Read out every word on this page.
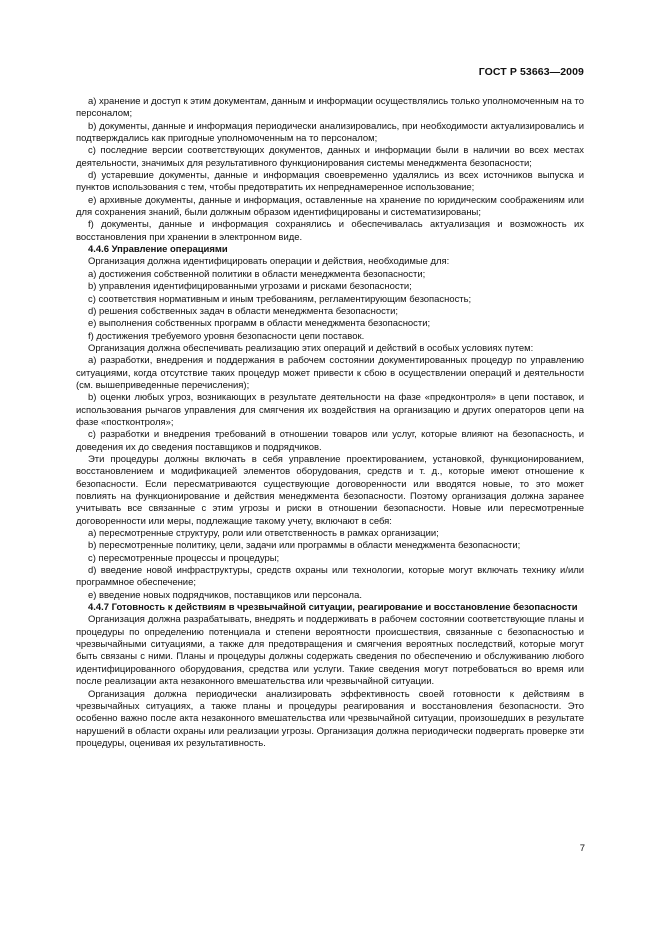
ГОСТ Р 53663—2009

а) хранение и доступ к этим документам, данным и информации осуществлялись только уполномоченным на то персоналом;

b) документы, данные и информация периодически анализировались, при необходимости актуализировались и подтверждались как пригодные уполномоченным на то персоналом;

с) последние версии соответствующих документов, данных и информации были в наличии во всех местах деятельности, значимых для результативного функционирования системы менеджмента безопасности;

d) устаревшие документы, данные и информация своевременно удалялись из всех источников выпуска и пунктов использования с тем, чтобы предотвратить их непреднамеренное использование;

е) архивные документы, данные и информация, оставленные на хранение по юридическим соображениям или для сохранения знаний, были должным образом идентифицированы и систематизированы;

f) документы, данные и информация сохранялись и обеспечивалась актуализация и возможность их восстановления при хранении в электронном виде.

4.4.6 Управление операциями

Организация должна идентифицировать операции и действия, необходимые для:

а) достижения собственной политики в области менеджмента безопасности;

b) управления идентифицированными угрозами и рисками безопасности;

с) соответствия нормативным и иным требованиям, регламентирующим безопасность;

d) решения собственных задач в области менеджмента безопасности;

е) выполнения собственных программ в области менеджмента безопасности;

f) достижения требуемого уровня безопасности цепи поставок.

Организация должна обеспечивать реализацию этих операций и действий в особых условиях путем:

а) разработки, внедрения и поддержания в рабочем состоянии документированных процедур по управлению ситуациями, когда отсутствие таких процедур может привести к сбою в осуществлении операций и деятельности (см. вышеприведенные перечисления);

b) оценки любых угроз, возникающих в результате деятельности на фазе «предконтроля» в цепи поставок, и использования рычагов управления для смягчения их воздействия на организацию и других операторов цепи на фазе «постконтроля»;

с) разработки и внедрения требований в отношении товаров или услуг, которые влияют на безопасность, и доведения их до сведения поставщиков и подрядчиков.

Эти процедуры должны включать в себя управление проектированием, установкой, функционированием, восстановлением и модификацией элементов оборудования, средств и т. д., которые имеют отношение к безопасности. Если пересматриваются существующие договоренности или вводятся новые, то это может повлиять на функционирование и действия менеджмента безопасности. Поэтому организация должна заранее учитывать все связанные с этим угрозы и риски в отношении безопасности. Новые или пересмотренные договоренности или меры, подлежащие такому учету, включают в себя:

а) пересмотренные структуру, роли или ответственность в рамках организации;

b) пересмотренные политику, цели, задачи или программы в области менеджмента безопасности;

с) пересмотренные процессы и процедуры;

d) введение новой инфраструктуры, средств охраны или технологии, которые могут включать технику и/или программное обеспечение;

е) введение новых подрядчиков, поставщиков или персонала.

4.4.7 Готовность к действиям в чрезвычайной ситуации, реагирование и восстановление безопасности

Организация должна разрабатывать, внедрять и поддерживать в рабочем состоянии соответствующие планы и процедуры по определению потенциала и степени вероятности происшествия, связанные с безопасностью и чрезвычайными ситуациями, а также для предотвращения и смягчения вероятных последствий, которые могут быть связаны с ними. Планы и процедуры должны содержать сведения по обеспечению и обслуживанию любого идентифицированного оборудования, средства или услуги. Такие сведения могут потребоваться во время или после реализации акта незаконного вмешательства или чрезвычайной ситуации.

Организация должна периодически анализировать эффективность своей готовности к действиям в чрезвычайных ситуациях, а также планы и процедуры реагирования и восстановления безопасности. Это особенно важно после акта незаконного вмешательства или чрезвычайной ситуации, произошедших в результате нарушений в области охраны или реализации угрозы. Организация должна периодически подвергать проверке эти процедуры, оценивая их результативность.

7
